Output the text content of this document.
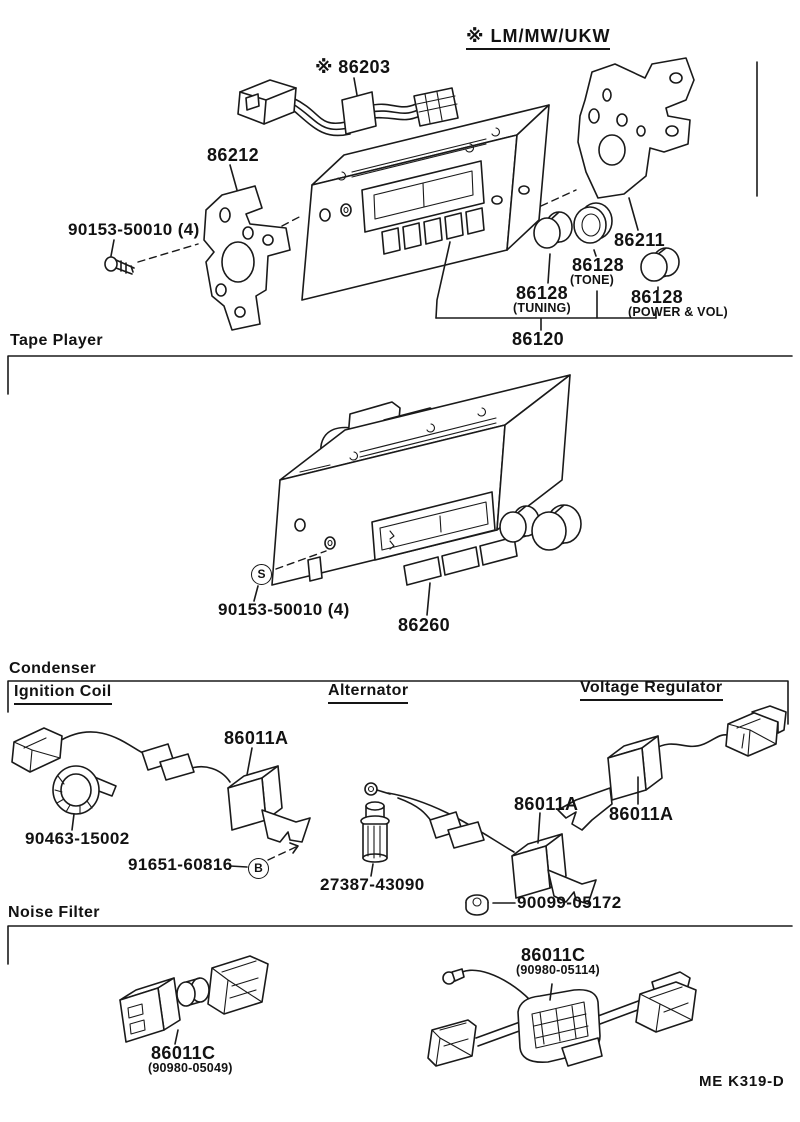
※ LM/MW/UKW
※ 86203
86212
90153-50010 (4)
86211
86128
(TONE)
86128
(TUNING)
86128
(POWER & VOL)
86120
Tape Player
S
90153-50010 (4)
86260
Condenser
Ignition Coil	Alternator	Voltage Regulator
86011A
90463-15002
91651-60816	B
86011A
27387-43090
90099-05172
86011A
Noise Filter
86011C
(90980-05114)
86011C
(90980-05049)
ME K319-D
